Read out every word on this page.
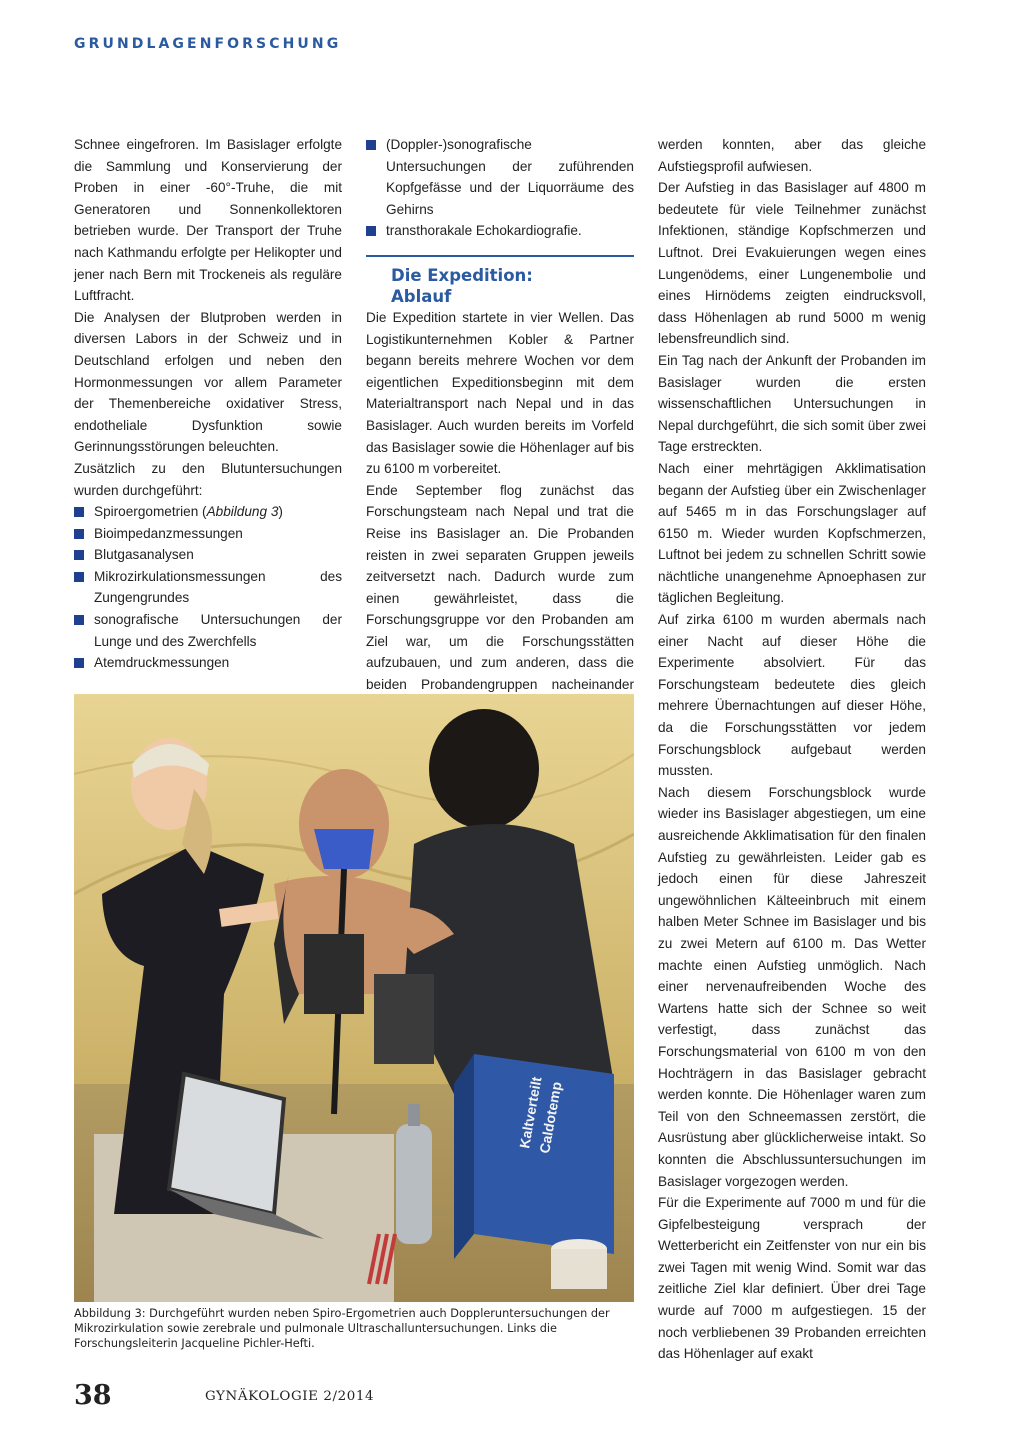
GRUNDLAGENFORSCHUNG

Schnee eingefroren. Im Basislager erfolgte die Sammlung und Konservierung der Proben in einer -60°-Truhe, die mit Generatoren und Sonnenkollektoren betrieben wurde. Der Transport der Truhe nach Kathmandu erfolgte per Helikopter und jener nach Bern mit Trockeneis als reguläre Luftfracht.

Die Analysen der Blutproben werden in diversen Labors in der Schweiz und in Deutschland erfolgen und neben den Hormonmessungen vor allem Parameter der Themenbereiche oxidativer Stress, endotheliale Dysfunktion sowie Gerinnungsstörungen beleuchten.

Zusätzlich zu den Blutuntersuchungen wurden durchgeführt:

Spiroergometrien (Abbildung 3)
Bioimpedanzmessungen
Blutgasanalysen
Mikrozirkulationsmessungen des Zungengrundes
sonografische Untersuchungen der Lunge und des Zwerchfells
Atemdruckmessungen
(Doppler-)sonografische Untersuchungen der zuführenden Kopfgefässe und der Liquorräume des Gehirns
transthorakale Echokardiografie.
Die Expedition:
Ablauf

Die Expedition startete in vier Wellen. Das Logistikunternehmen Kobler & Partner begann bereits mehrere Wochen vor dem eigentlichen Expeditionsbeginn mit dem Materialtransport nach Nepal und in das Basislager. Auch wurden bereits im Vorfeld das Basislager sowie die Höhenlager auf bis zu 6100 m vorbereitet.

Ende September flog zunächst das Forschungsteam nach Nepal und trat die Reise ins Basislager an. Die Probanden reisten in zwei separaten Gruppen jeweils zeitversetzt nach. Dadurch wurde zum einen gewährleistet, dass die Forschungsgruppe vor den Probanden am Ziel war, um die Forschungsstätten aufzubauen, und zum anderen, dass die beiden Probandengruppen nacheinander

werden konnten, aber das gleiche Aufstiegsprofil aufwiesen.

Der Aufstieg in das Basislager auf 4800 m bedeutete für viele Teilnehmer zunächst Infektionen, ständige Kopfschmerzen und Luftnot. Drei Evakuierungen wegen eines Lungenödems, einer Lungenembolie und eines Hirnödems zeigten eindrucksvoll, dass Höhenlagen ab rund 5000 m wenig lebensfreundlich sind.

Ein Tag nach der Ankunft der Probanden im Basislager wurden die ersten wissenschaftlichen Untersuchungen in Nepal durchgeführt, die sich somit über zwei Tage erstreckten.

Nach einer mehrtägigen Akklimatisation begann der Aufstieg über ein Zwischenlager auf 5465 m in das Forschungslager auf 6150 m. Wieder wurden Kopfschmerzen, Luftnot bei jedem zu schnellen Schritt sowie nächtliche unangenehme Apnoephasen zur täglichen Begleitung.

Auf zirka 6100 m wurden abermals nach einer Nacht auf dieser Höhe die Experimente absolviert. Für das Forschungsteam bedeutete dies gleich mehrere Übernachtungen auf dieser Höhe, da die Forschungsstätten vor jedem Forschungsblock aufgebaut werden mussten.

Nach diesem Forschungsblock wurde wieder ins Basislager abgestiegen, um eine ausreichende Akklimatisation für den finalen Aufstieg zu gewährleisten. Leider gab es jedoch einen für diese Jahreszeit ungewöhnlichen Kälteeinbruch mit einem halben Meter Schnee im Basislager und bis zu zwei Metern auf 6100 m. Das Wetter machte einen Aufstieg unmöglich. Nach einer nervenaufreibenden Woche des Wartens hatte sich der Schnee so weit verfestigt, dass zunächst das Forschungsmaterial von 6100 m von den Hochträgern in das Basislager gebracht werden konnte. Die Höhenlager waren zum Teil von den Schneemassen zerstört, die Ausrüstung aber glücklicherweise intakt. So konnten die Abschlussuntersuchungen im Basislager vorgezogen werden.

Für die Experimente auf 7000 m und für die Gipfelbesteigung versprach der Wetterbericht ein Zeitfenster von nur ein bis zwei Tagen mit wenig Wind. Somit war das zeitliche Ziel klar definiert. Über drei Tage wurde auf 7000 m aufgestiegen. 15 der noch verbliebenen 39 Probanden erreichten das Höhenlager auf exakt

Kaltverteilt
Caldotemp
Abbildung 3: Durchgeführt wurden neben Spiro-Ergometrien auch Doppleruntersuchungen der Mikrozirkulation sowie zerebrale und pulmonale Ultraschalluntersuchungen. Links die Forschungsleiterin Jacqueline Pichler-Hefti.
38	GYNÄKOLOGIE 2/2014
